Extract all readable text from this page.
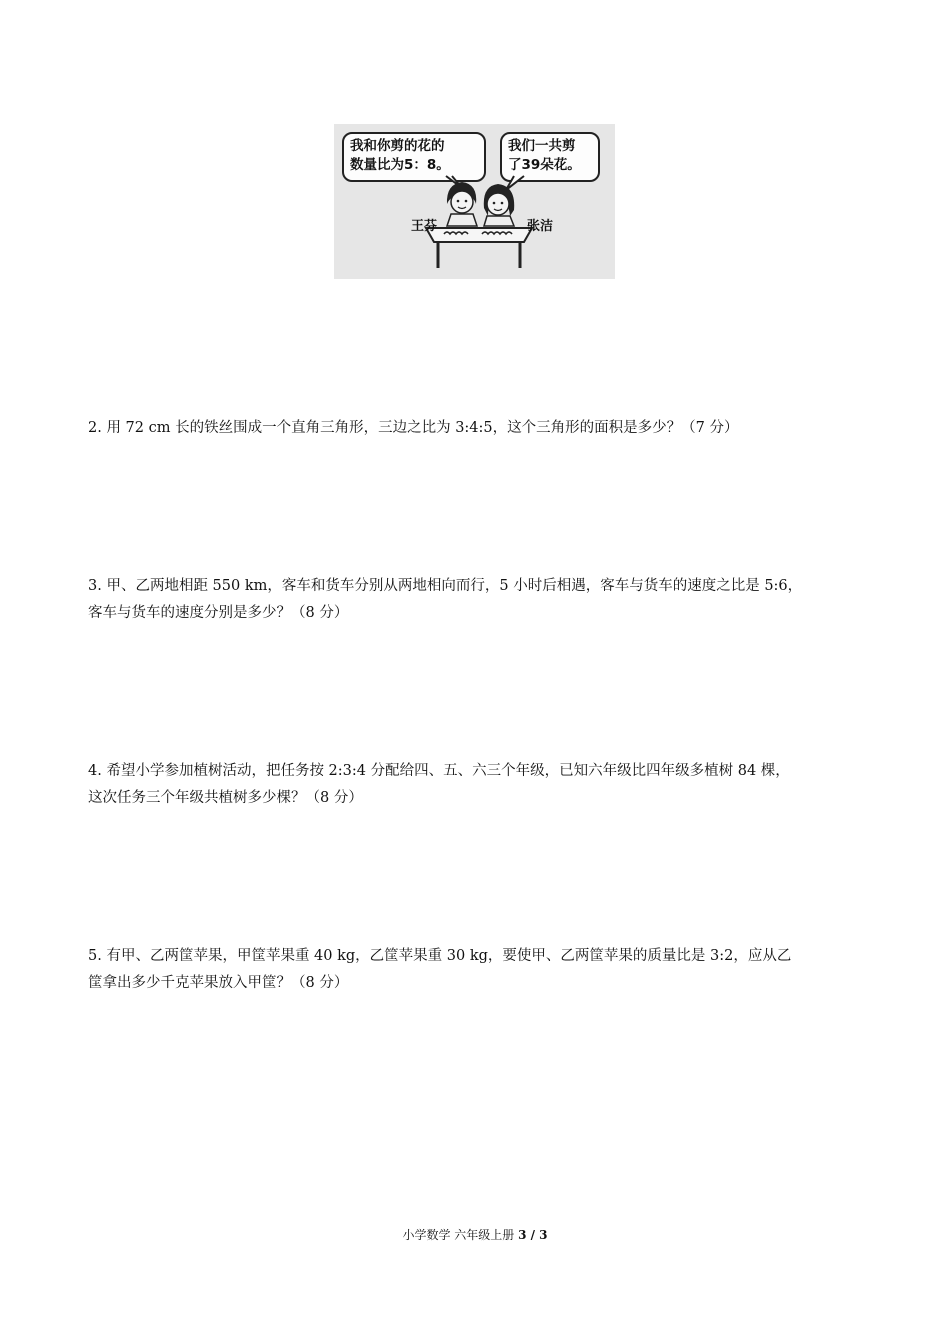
我和你剪的花的
数量比为5：8。
我们一共剪
了39朵花。
王芬	张洁
2. 用 72 cm 长的铁丝围成一个直角三角形，三边之比为 3:4:5，这个三角形的面积是多少？（7 分）
3. 甲、乙两地相距 550 km，客车和货车分别从两地相向而行，5 小时后相遇，客车与货车的速度之比是 5:6，
客车与货车的速度分别是多少？（8 分）
4. 希望小学参加植树活动，把任务按 2:3:4 分配给四、五、六三个年级，已知六年级比四年级多植树 84 棵，
这次任务三个年级共植树多少棵？（8 分）
5. 有甲、乙两筐苹果，甲筐苹果重 40 kg，乙筐苹果重 30 kg，要使甲、乙两筐苹果的质量比是 3:2，应从乙
筐拿出多少千克苹果放入甲筐？（8 分）
小学数学 六年级上册 3 / 3
